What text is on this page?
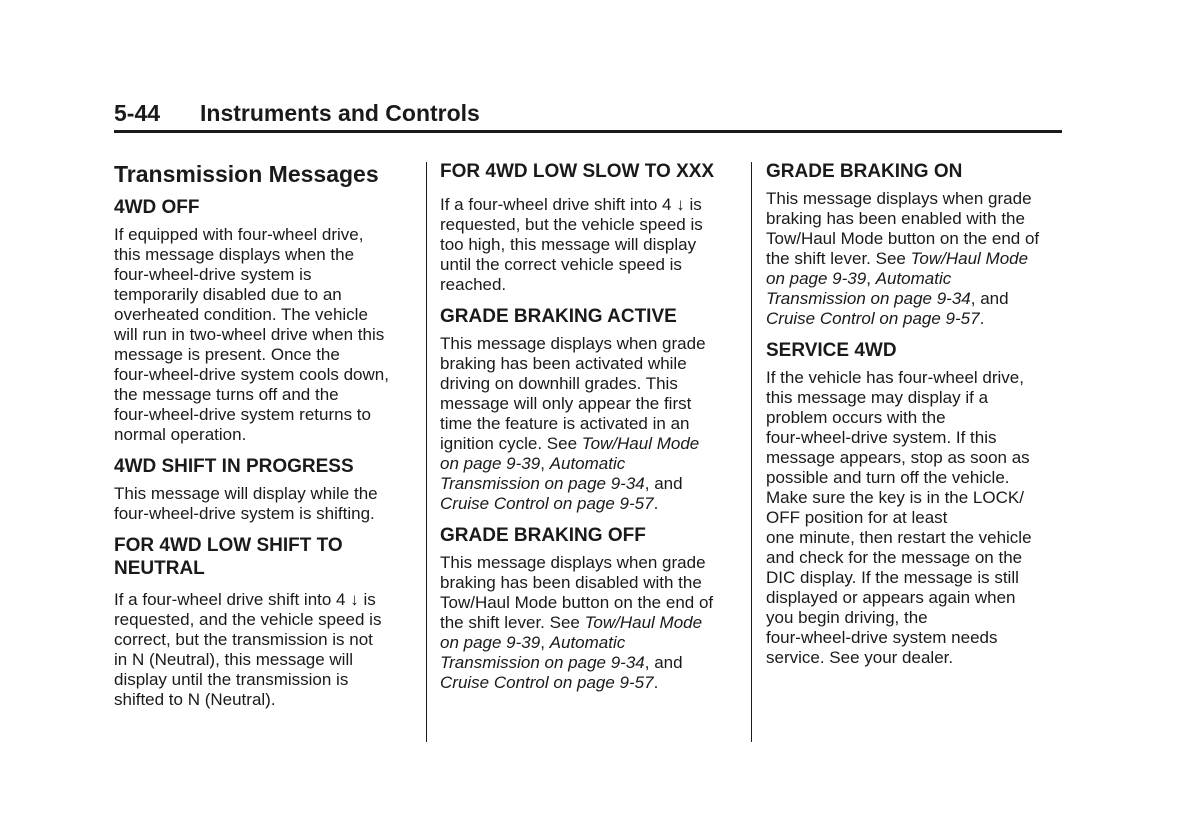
5-44 Instruments and Controls
Transmission Messages
4WD OFF

If equipped with four-wheel drive,
this message displays when the
four-wheel-drive system is
temporarily disabled due to an
overheated condition. The vehicle
will run in two-wheel drive when this
message is present. Once the
four-wheel-drive system cools down,
the message turns off and the
four-wheel-drive system returns to
normal operation.

4WD SHIFT IN PROGRESS

This message will display while the
four-wheel-drive system is shifting.

FOR 4WD LOW SHIFT TO
NEUTRAL

If a four-wheel drive shift into 4 ↓ is
requested, and the vehicle speed is
correct, but the transmission is not
in N (Neutral), this message will
display until the transmission is
shifted to N (Neutral).

FOR 4WD LOW SLOW TO XXX

If a four-wheel drive shift into 4 ↓ is
requested, but the vehicle speed is
too high, this message will display
until the correct vehicle speed is
reached.

GRADE BRAKING ACTIVE

This message displays when grade
braking has been activated while
driving on downhill grades. This
message will only appear the first
time the feature is activated in an
ignition cycle. See Tow/Haul Mode
on page 9-39, Automatic
Transmission on page 9-34, and
Cruise Control on page 9-57.

GRADE BRAKING OFF

This message displays when grade
braking has been disabled with the
Tow/Haul Mode button on the end of
the shift lever. See Tow/Haul Mode
on page 9-39, Automatic
Transmission on page 9-34, and
Cruise Control on page 9-57.

GRADE BRAKING ON

This message displays when grade
braking has been enabled with the
Tow/Haul Mode button on the end of
the shift lever. See Tow/Haul Mode
on page 9-39, Automatic
Transmission on page 9-34, and
Cruise Control on page 9-57.

SERVICE 4WD

If the vehicle has four-wheel drive,
this message may display if a
problem occurs with the
four-wheel-drive system. If this
message appears, stop as soon as
possible and turn off the vehicle.
Make sure the key is in the LOCK/
OFF position for at least
one minute, then restart the vehicle
and check for the message on the
DIC display. If the message is still
displayed or appears again when
you begin driving, the
four-wheel-drive system needs
service. See your dealer.
